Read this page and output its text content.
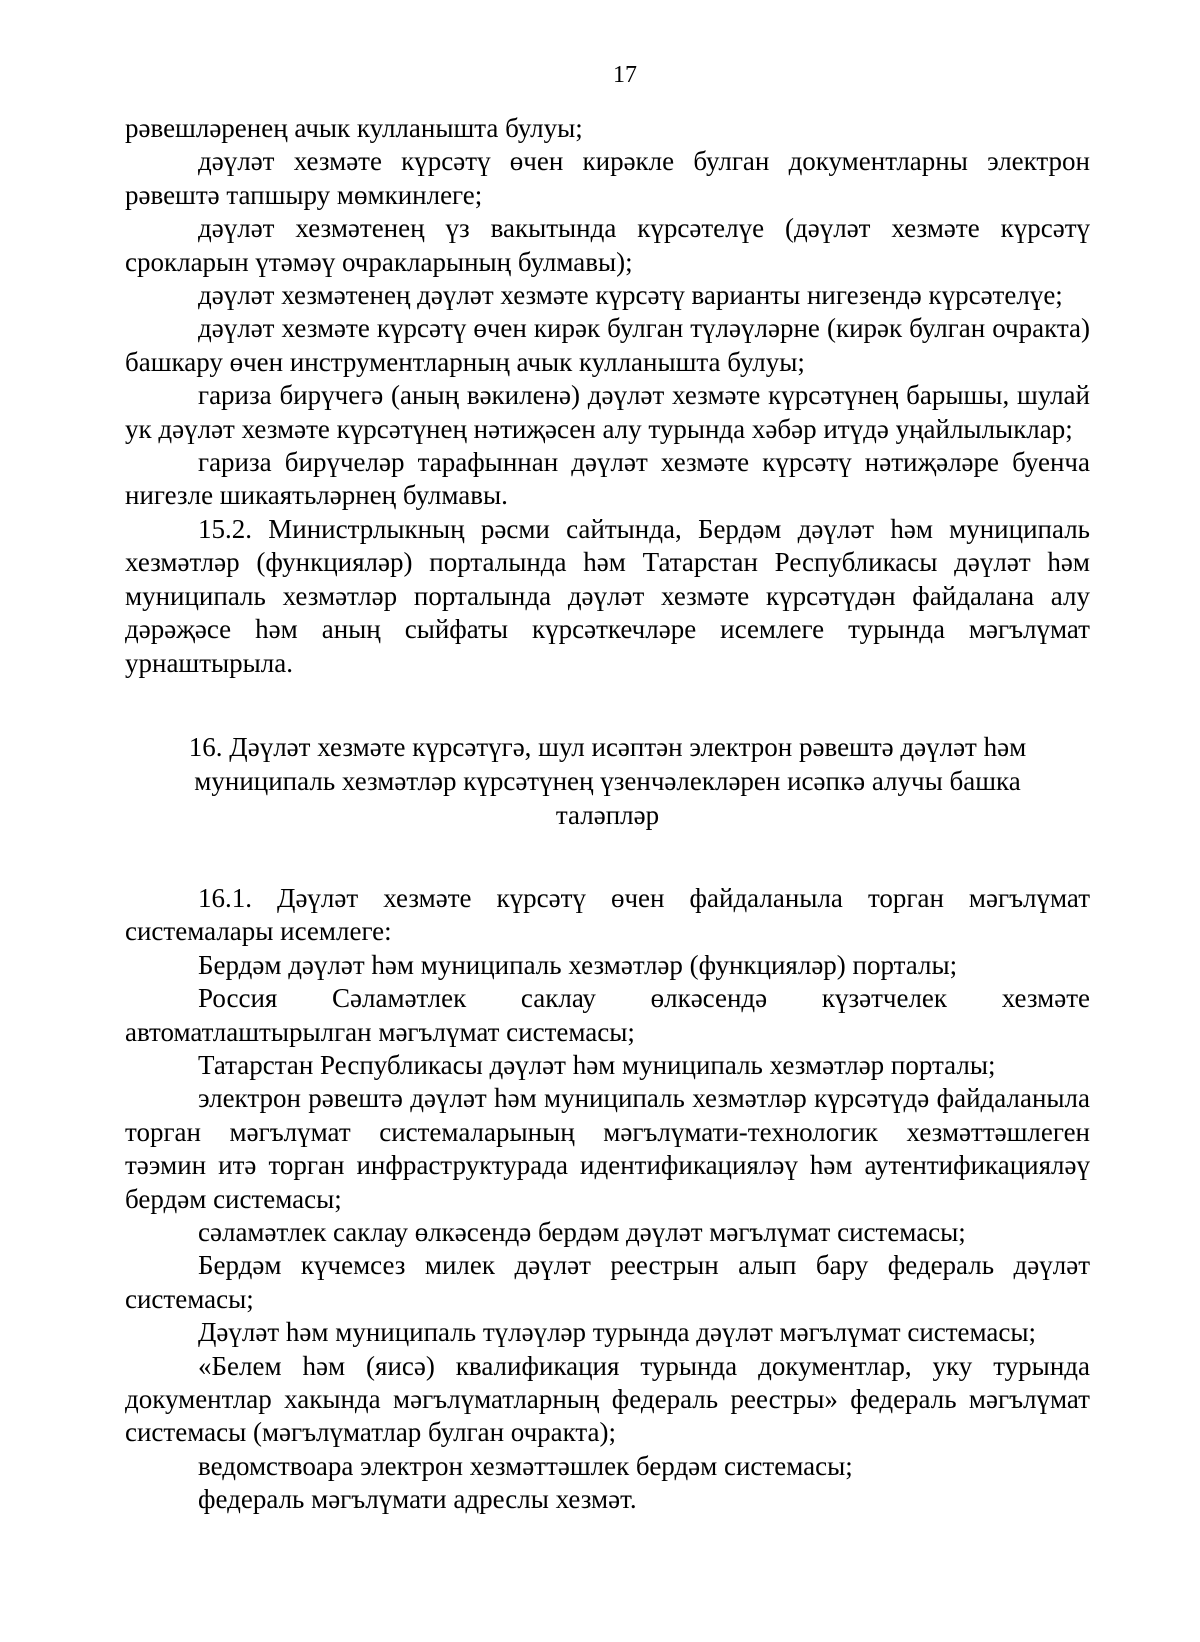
17

рәвешләренең ачык кулланышта булуы;

дәүләт хезмәте күрсәтү өчен кирәкле булган документларны электрон рәвештә тапшыру мөмкинлеге;

дәүләт хезмәтенең үз вакытында күрсәтелүе (дәүләт хезмәте күрсәтү срокларын үтәмәү очракларының булмавы);

дәүләт хезмәтенең дәүләт хезмәте күрсәтү варианты нигезендә күрсәтелүе;

дәүләт хезмәте күрсәтү өчен кирәк булган түләүләрне (кирәк булган очракта) башкару өчен инструментларның ачык кулланышта булуы;

гариза бирүчегә (аның вәкиленә) дәүләт хезмәте күрсәтүнең барышы, шулай ук дәүләт хезмәте күрсәтүнең нәтиҗәсен алу турында хәбәр итүдә уңайлылыклар;

гариза бирүчеләр тарафыннан дәүләт хезмәте күрсәтү нәтиҗәләре буенча нигезле шикаятьләрнең булмавы.

15.2. Министрлыкның рәсми сайтында, Бердәм дәүләт һәм муниципаль хезмәтләр (функцияләр) порталында һәм Татарстан Республикасы дәүләт һәм муниципаль хезмәтләр порталында дәүләт хезмәте күрсәтүдән файдалана алу дәрәҗәсе һәм аның сыйфаты күрсәткечләре исемлеге турында мәгълүмат урнаштырыла.

16. Дәүләт хезмәте күрсәтүгә, шул исәптән электрон рәвештә дәүләт һәм муниципаль хезмәтләр күрсәтүнең үзенчәлекләрен исәпкә алучы башка таләпләр

16.1. Дәүләт хезмәте күрсәтү өчен файдаланыла торган мәгълүмат системалары исемлеге:

Бердәм дәүләт һәм муниципаль хезмәтләр (функцияләр) порталы;

Россия Сәламәтлек саклау өлкәсендә күзәтчелек хезмәте автоматлаштырылган мәгълүмат системасы;

Татарстан Республикасы дәүләт һәм муниципаль хезмәтләр порталы;

электрон рәвештә дәүләт һәм муниципаль хезмәтләр күрсәтүдә файдаланыла торган мәгълүмат системаларының мәгълүмати-технологик хезмәттәшлеген тәэмин итә торган инфраструктурада идентификацияләү һәм аутентификацияләү бердәм системасы;

сәламәтлек саклау өлкәсендә бердәм дәүләт мәгълүмат системасы;

Бердәм күчемсез милек дәүләт реестрын алып бару федераль дәүләт системасы;

Дәүләт һәм муниципаль түләүләр турында дәүләт мәгълүмат системасы;

«Белем һәм (яисә) квалификация турында документлар, уку турында документлар хакында мәгълүматларның федераль реестры» федераль мәгълүмат системасы (мәгълүматлар булган очракта);

ведомствоара электрон хезмәттәшлек бердәм системасы;

федераль мәгълүмати адреслы хезмәт.
